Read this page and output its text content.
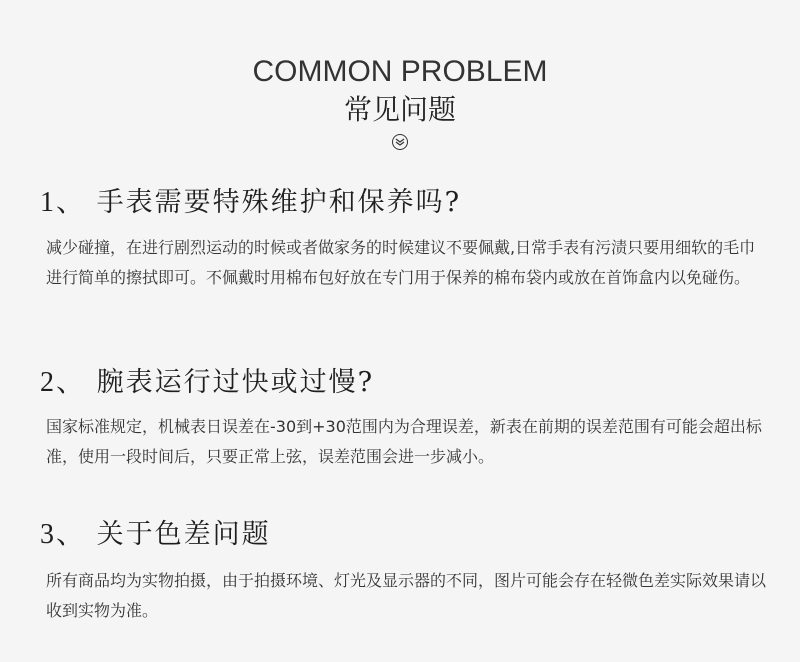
COMMON PROBLEM
常见问题
1、 手表需要特殊维护和保养吗?
减少碰撞，在进行剧烈运动的时候或者做家务的时候建议不要佩戴,日常手表有污渍只要用细软的毛巾进行简单的擦拭即可。不佩戴时用棉布包好放在专门用于保养的棉布袋内或放在首饰盒内以免碰伤。
2、 腕表运行过快或过慢?
国家标准规定，机械表日误差在-30到+30范围内为合理误差，新表在前期的误差范围有可能会超出标准，使用一段时间后，只要正常上弦，误差范围会进一步减小。
3、 关于色差问题
所有商品均为实物拍摄，由于拍摄环境、灯光及显示器的不同，图片可能会存在轻微色差实际效果请以收到实物为准。
